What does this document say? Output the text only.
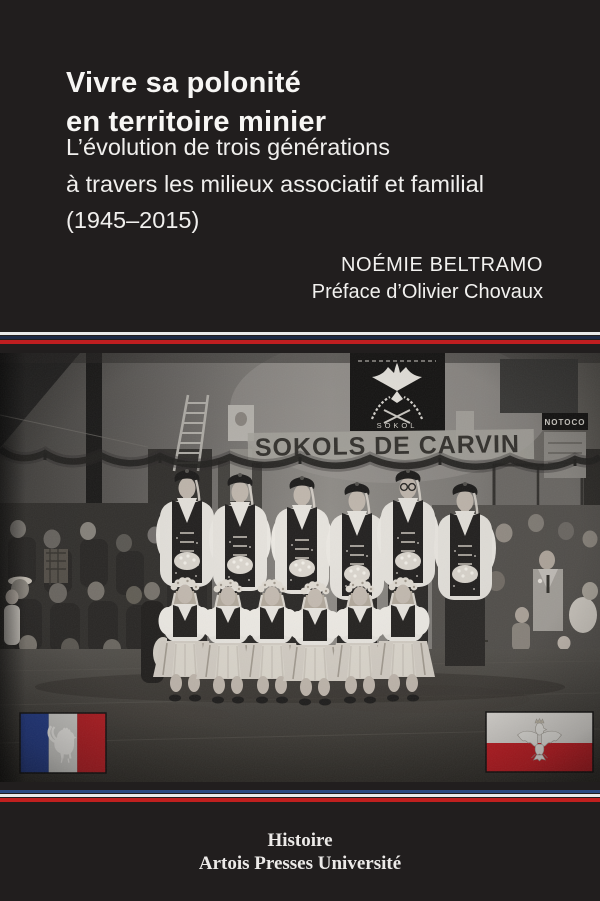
Vivre sa polonité
en territoire minier
L’évolution de trois générations
à travers les milieux associatif et familial
(1945–2015)
NOÉMIE BELTRAMO
Préface d’Olivier Chovaux
Histoire
Artois Presses Université
